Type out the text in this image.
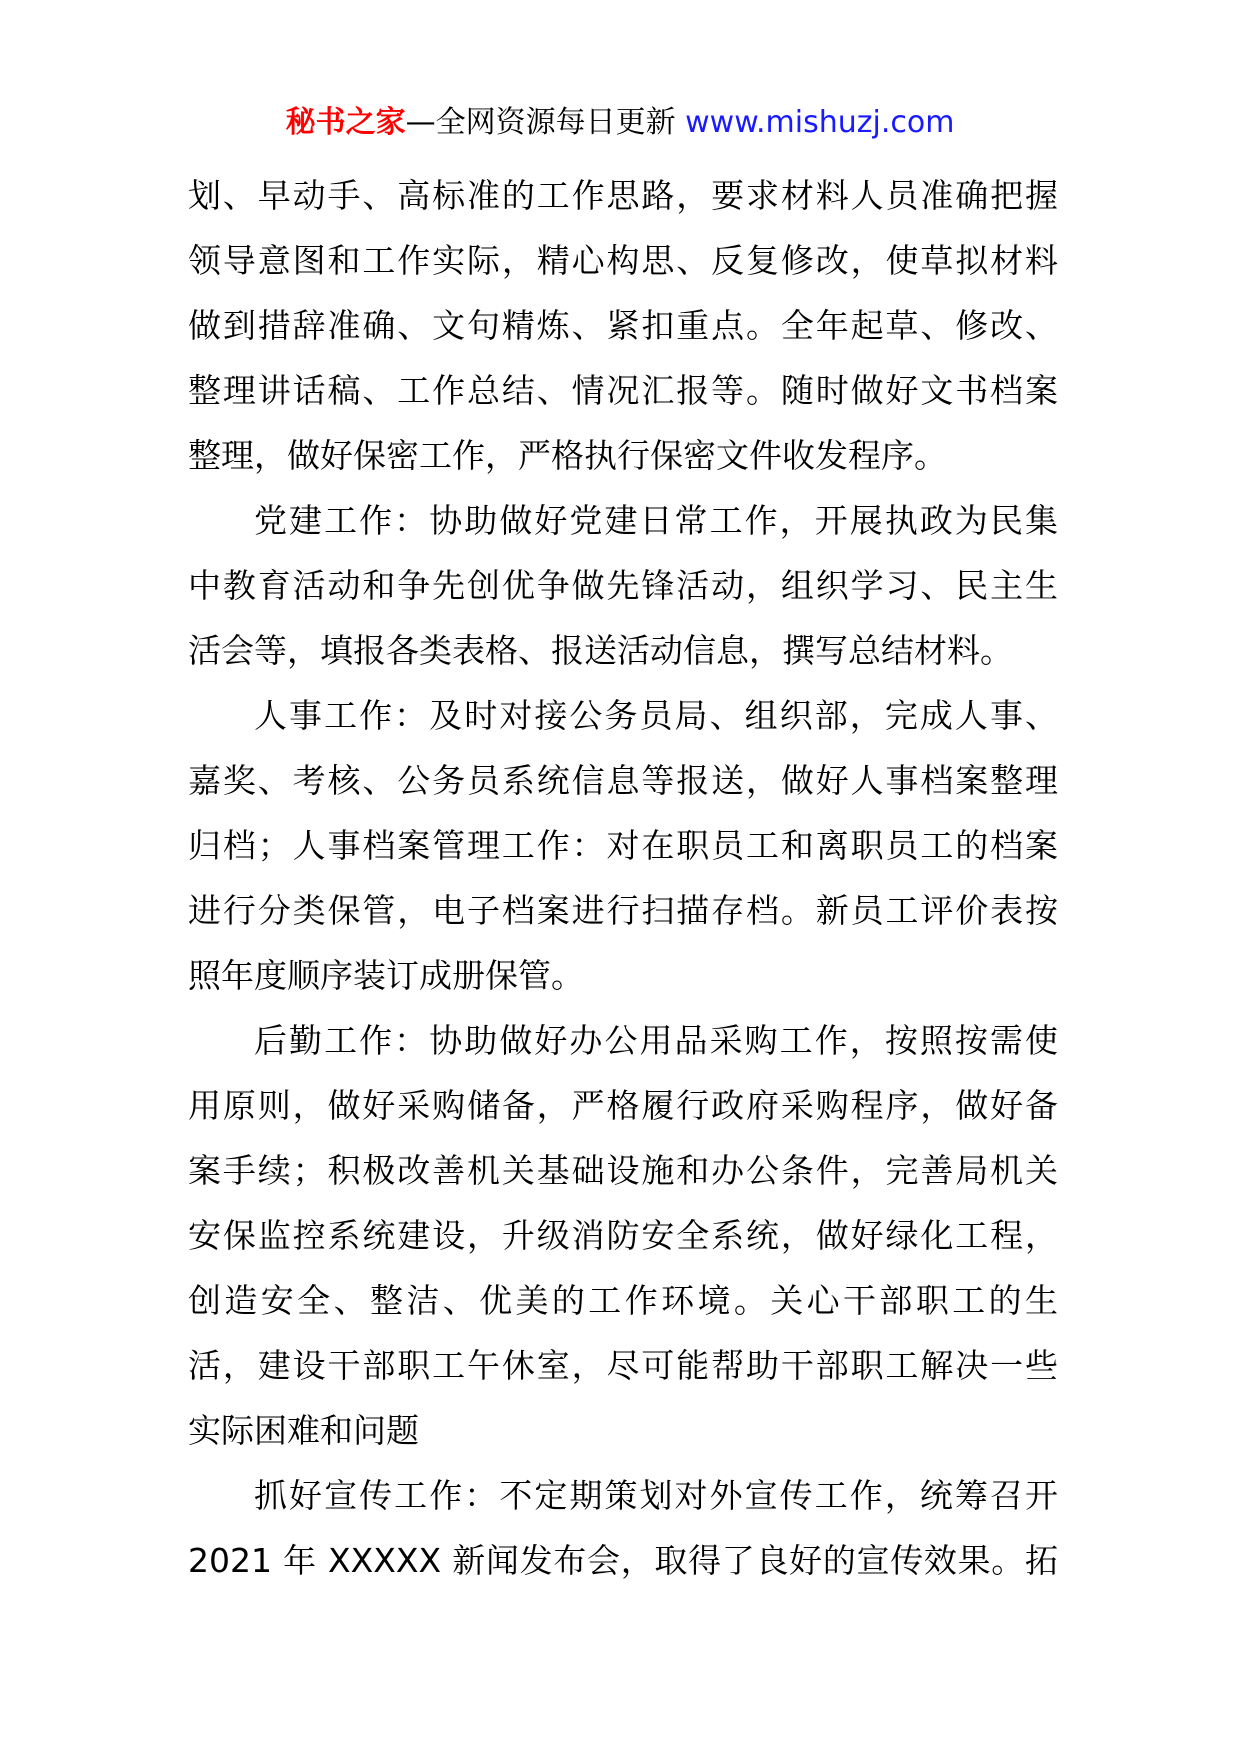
秘书之家—全网资源每日更新 www.mishuzj.com
划、早动手、高标准的工作思路，要求材料人员准确把握
领导意图和工作实际，精心构思、反复修改，使草拟材料
做到措辞准确、文句精炼、紧扣重点。全年起草、修改、
整理讲话稿、工作总结、情况汇报等。随时做好文书档案
整理，做好保密工作，严格执行保密文件收发程序。
党建工作：协助做好党建日常工作，开展执政为民集
中教育活动和争先创优争做先锋活动，组织学习、民主生
活会等，填报各类表格、报送活动信息，撰写总结材料。
人事工作：及时对接公务员局、组织部，完成人事、
嘉奖、考核、公务员系统信息等报送，做好人事档案整理
归档；人事档案管理工作：对在职员工和离职员工的档案
进行分类保管，电子档案进行扫描存档。新员工评价表按
照年度顺序装订成册保管。
后勤工作：协助做好办公用品采购工作，按照按需使
用原则，做好采购储备，严格履行政府采购程序，做好备
案手续；积极改善机关基础设施和办公条件，完善局机关
安保监控系统建设，升级消防安全系统，做好绿化工程，
创造安全、整洁、优美的工作环境。关心干部职工的生
活，建设干部职工午休室，尽可能帮助干部职工解决一些
实际困难和问题
抓好宣传工作：不定期策划对外宣传工作，统筹召开
2021 年 XXXXX 新闻发布会，取得了良好的宣传效果。拓
